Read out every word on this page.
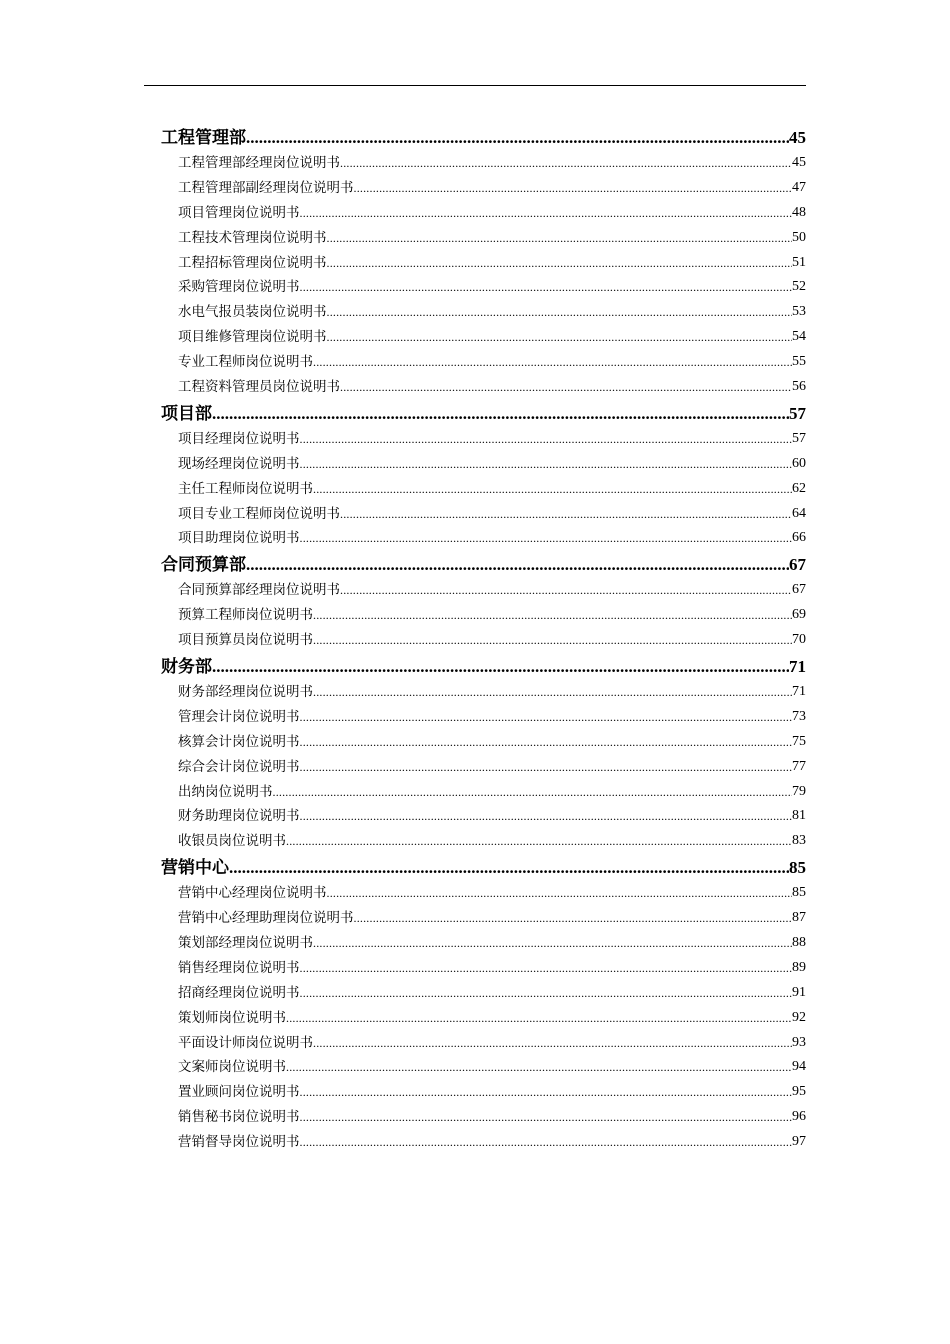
工程管理部 .....	45
工程管理部经理岗位说明书 .....	45
工程管理部副经理岗位说明书 .....	47
项目管理岗位说明书 .....	48
工程技术管理岗位说明书 .....	50
工程招标管理岗位说明书 .....	51
采购管理岗位说明书 .....	52
水电气报员装岗位说明书 .....	53
项目维修管理岗位说明书 .....	54
专业工程师岗位说明书 .....	55
工程资料管理员岗位说明书 .....	56
项目部 .....	57
项目经理岗位说明书 .....	57
现场经理岗位说明书 .....	60
主任工程师岗位说明书 .....	62
项目专业工程师岗位说明书 .....	64
项目助理岗位说明书 .....	66
合同预算部 .....	67
合同预算部经理岗位说明书 .....	67
预算工程师岗位说明书 .....	69
项目预算员岗位说明书 .....	70
财务部 .....	71
财务部经理岗位说明书 .....	71
管理会计岗位说明书 .....	73
核算会计岗位说明书 .....	75
综合会计岗位说明书 .....	77
出纳岗位说明书 .....	79
财务助理岗位说明书 .....	81
收银员岗位说明书 .....	83
营销中心 .....	85
营销中心经理岗位说明书 .....	85
营销中心经理助理岗位说明书 .....	87
策划部经理岗位说明书 .....	88
销售经理岗位说明书 .....	89
招商经理岗位说明书 .....	91
策划师岗位说明书 .....	92
平面设计师岗位说明书 .....	93
文案师岗位说明书 .....	94
置业顾问岗位说明书 .....	95
销售秘书岗位说明书 .....	96
营销督导岗位说明书 .....	97
